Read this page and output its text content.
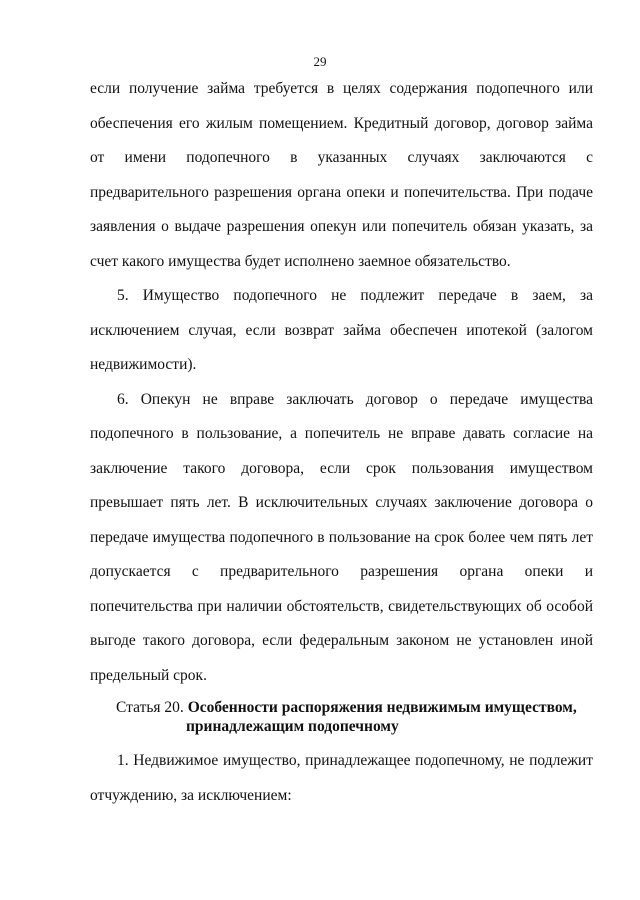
29

если получение займа требуется в целях содержания подопечного или обеспечения его жилым помещением. Кредитный договор, договор займа от имени подопечного в указанных случаях заключаются с предварительного разрешения органа опеки и попечительства. При подаче заявления о выдаче разрешения опекун или попечитель обязан указать, за счет какого имущества будет исполнено заемное обязательство.

5. Имущество подопечного не подлежит передаче в заем, за исключением случая, если возврат займа обеспечен ипотекой (залогом недвижимости).

6. Опекун не вправе заключать договор о передаче имущества подопечного в пользование, а попечитель не вправе давать согласие на заключение такого договора, если срок пользования имуществом превышает пять лет. В исключительных случаях заключение договора о передаче имущества подопечного в пользование на срок более чем пять лет допускается с предварительного разрешения органа опеки и попечительства при наличии обстоятельств, свидетельствующих об особой выгоде такого договора, если федеральным законом не установлен иной предельный срок.

Статья 20. Особенности распоряжения недвижимым имуществом,
принадлежащим подопечному

1. Недвижимое имущество, принадлежащее подопечному, не подлежит отчуждению, за исключением:
